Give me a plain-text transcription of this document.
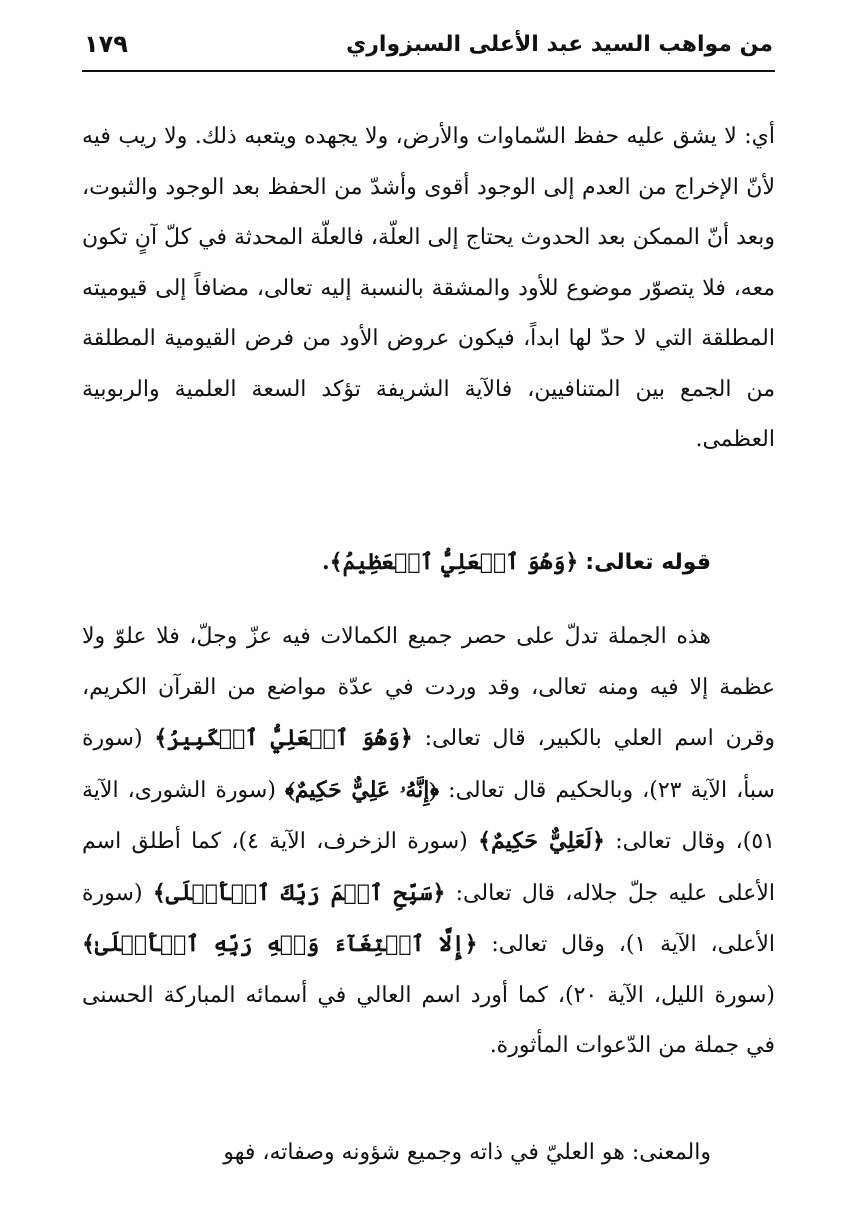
من مواهب السيد عبد الأعلى السبزواري
١٧٩

أي: لا يشق عليه حفظ السّماوات والأرض، ولا يجهده ويتعبه ذلك. ولا ريب فيه لأنّ الإخراج من العدم إلى الوجود أقوى وأشدّ من الحفظ بعد الوجود والثبوت، وبعد أنّ الممكن بعد الحدوث يحتاج إلى العلّة، فالعلّة المحدثة في كلّ آنٍ تكون معه، فلا يتصوّر موضوع للأود والمشقة بالنسبة إليه تعالى، مضافاً إلى قيوميته المطلقة التي لا حدّ لها ابداً، فيكون عروض الأود من فرض القيومية المطلقة من الجمع بين المتنافيين، فالآية الشريفة تؤكد السعة العلمية والربوبية العظمى.

قوله تعالى: ﴿وَهُوَ ٱلۡعَلِيُّ ٱلۡعَظِيمُ﴾.

هذه الجملة تدلّ على حصر جميع الكمالات فيه عزّ وجلّ، فلا علوّ ولا عظمة إلا فيه ومنه تعالى، وقد وردت في عدّة مواضع من القرآن الكريم، وقرن اسم العلي بالكبير، قال تعالى: ﴿وَهُوَ ٱلۡعَلِيُّ ٱلۡكَبِيرُ﴾ (سورة سبأ، الآية ٢٣)، وبالحكيم قال تعالى: ﴿إِنَّهُۥ عَلِيٌّ حَكِيمٌ﴾ (سورة الشورى، الآية ٥١)، وقال تعالى: ﴿لَعَلِيٌّ حَكِيمٌ﴾ (سورة الزخرف، الآية ٤)، كما أطلق اسم الأعلى عليه جلّ جلاله، قال تعالى: ﴿سَبِّحِ ٱسۡمَ رَبِّكَ ٱلۡأَعۡلَى﴾ (سورة الأعلى، الآية ١)، وقال تعالى: ﴿إِلَّا ٱبۡتِغَآءَ وَجۡهِ رَبِّهِ ٱلۡأَعۡلَىٰ﴾ (سورة الليل، الآية ٢٠)، كما أورد اسم العالي في أسمائه المباركة الحسنى في جملة من الدّعوات المأثورة.

والمعنى: هو العليّ في ذاته وجميع شؤونه وصفاته، فهو
